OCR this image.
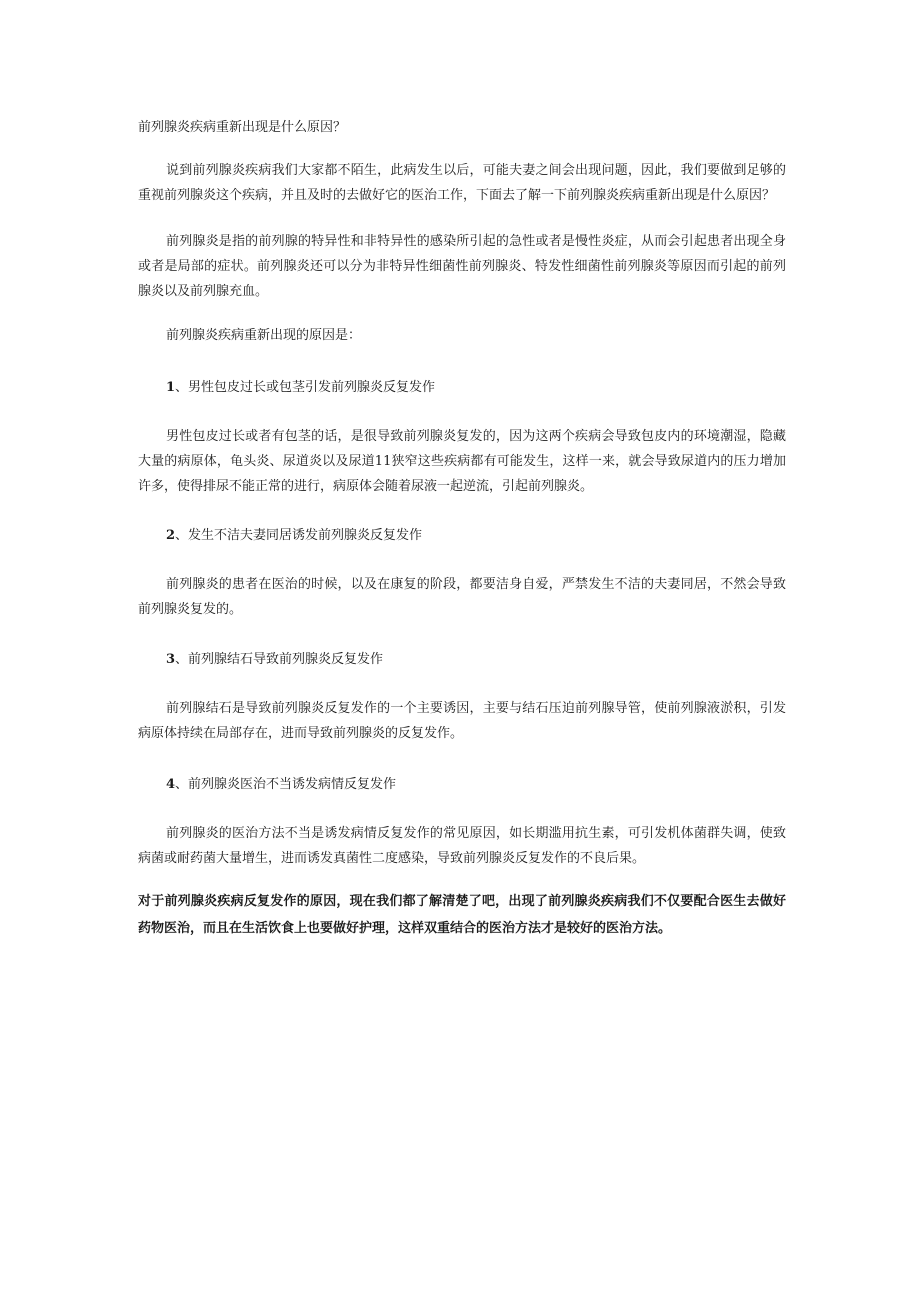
前列腺炎疾病重新出现是什么原因？

说到前列腺炎疾病我们大家都不陌生，此病发生以后，可能夫妻之间会出现问题，因此，我们要做到足够的重视前列腺炎这个疾病，并且及时的去做好它的医治工作，下面去了解一下前列腺炎疾病重新出现是什么原因？

前列腺炎是指的前列腺的特异性和非特异性的感染所引起的急性或者是慢性炎症，从而会引起患者出现全身或者是局部的症状。前列腺炎还可以分为非特异性细菌性前列腺炎、特发性细菌性前列腺炎等原因而引起的前列腺炎以及前列腺充血。

前列腺炎疾病重新出现的原因是：
1、男性包皮过长或包茎引发前列腺炎反复发作

男性包皮过长或者有包茎的话，是很导致前列腺炎复发的，因为这两个疾病会导致包皮内的环境潮湿，隐藏大量的病原体，龟头炎、尿道炎以及尿道11狭窄这些疾病都有可能发生，这样一来，就会导致尿道内的压力增加许多，使得排尿不能正常的进行，病原体会随着尿液一起逆流，引起前列腺炎。

2、发生不洁夫妻同居诱发前列腺炎反复发作

前列腺炎的患者在医治的时候，以及在康复的阶段，都要洁身自爱，严禁发生不洁的夫妻同居，不然会导致前列腺炎复发的。

3、前列腺结石导致前列腺炎反复发作

前列腺结石是导致前列腺炎反复发作的一个主要诱因，主要与结石压迫前列腺导管，使前列腺液淤积，引发病原体持续在局部存在，进而导致前列腺炎的反复发作。

4、前列腺炎医治不当诱发病情反复发作

前列腺炎的医治方法不当是诱发病情反复发作的常见原因，如长期滥用抗生素，可引发机体菌群失调，使致病菌或耐药菌大量增生，进而诱发真菌性二度感染，导致前列腺炎反复发作的不良后果。

对于前列腺炎疾病反复发作的原因，现在我们都了解清楚了吧，出现了前列腺炎疾病我们不仅要配合医生去做好药物医治，而且在生活饮食上也要做好护理，这样双重结合的医治方法才是较好的医治方法。
